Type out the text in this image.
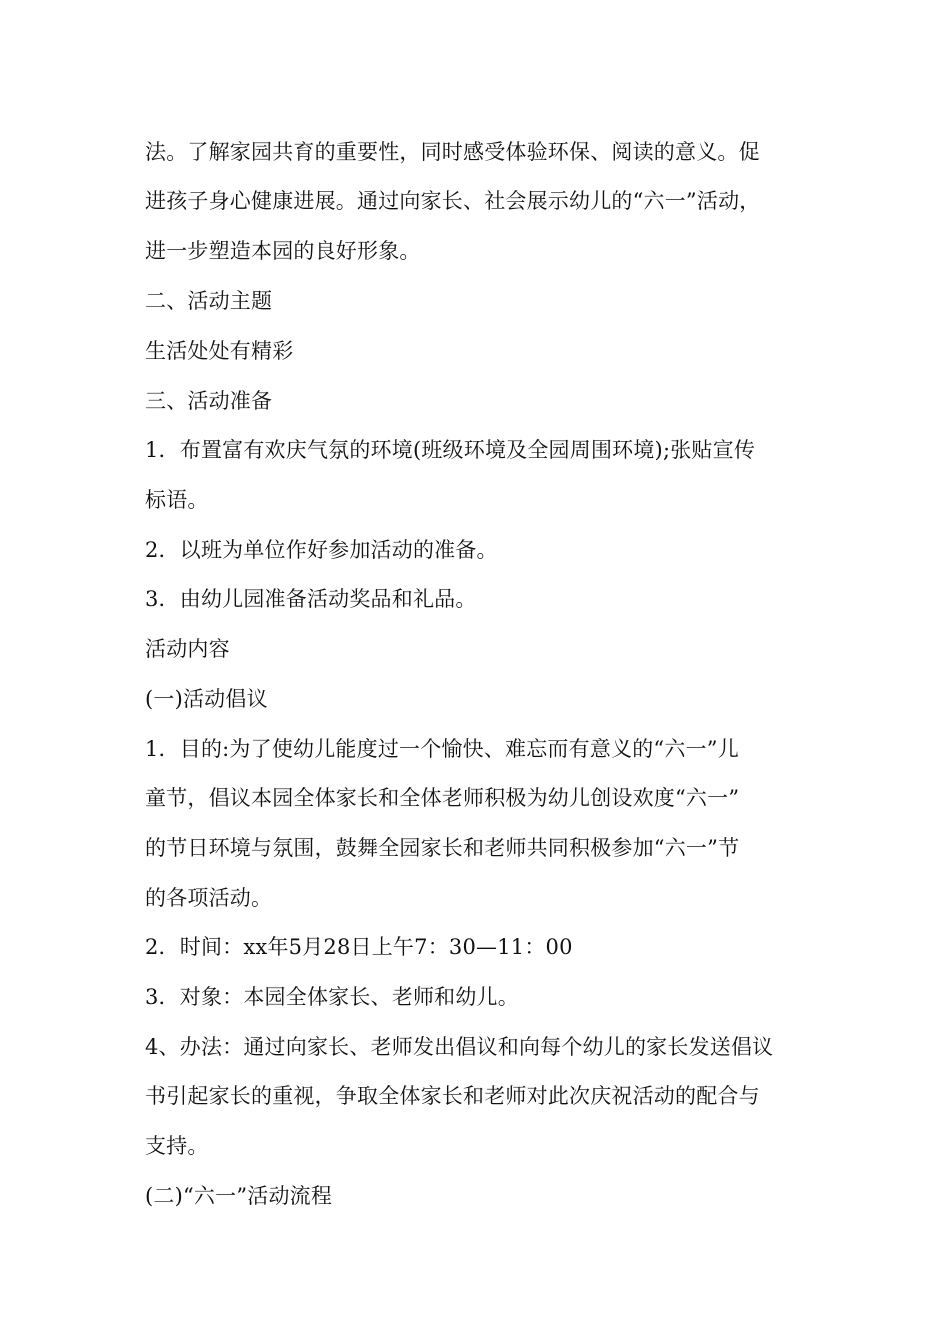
法。了解家园共育的重要性，同时感受体验环保、阅读的意义。促
进孩子身心健康进展。通过向家长、社会展示幼儿的“六一”活动，
进一步塑造本园的良好形象。
二、活动主题
生活处处有精彩
三、活动准备
1．布置富有欢庆气氛的环境(班级环境及全园周围环境);张贴宣传
标语。
2．以班为单位作好参加活动的准备。
3．由幼儿园准备活动奖品和礼品。
活动内容
(一)活动倡议
1．目的:为了使幼儿能度过一个愉快、难忘而有意义的“六一”儿
童节，倡议本园全体家长和全体老师积极为幼儿创设欢度“六一”
的节日环境与氛围，鼓舞全园家长和老师共同积极参加“六一”节
的各项活动。
2．时间：xx年5月28日上午7：30—11：00
3．对象：本园全体家长、老师和幼儿。
4、办法：通过向家长、老师发出倡议和向每个幼儿的家长发送倡议
书引起家长的重视，争取全体家长和老师对此次庆祝活动的配合与
支持。
(二)“六一”活动流程
